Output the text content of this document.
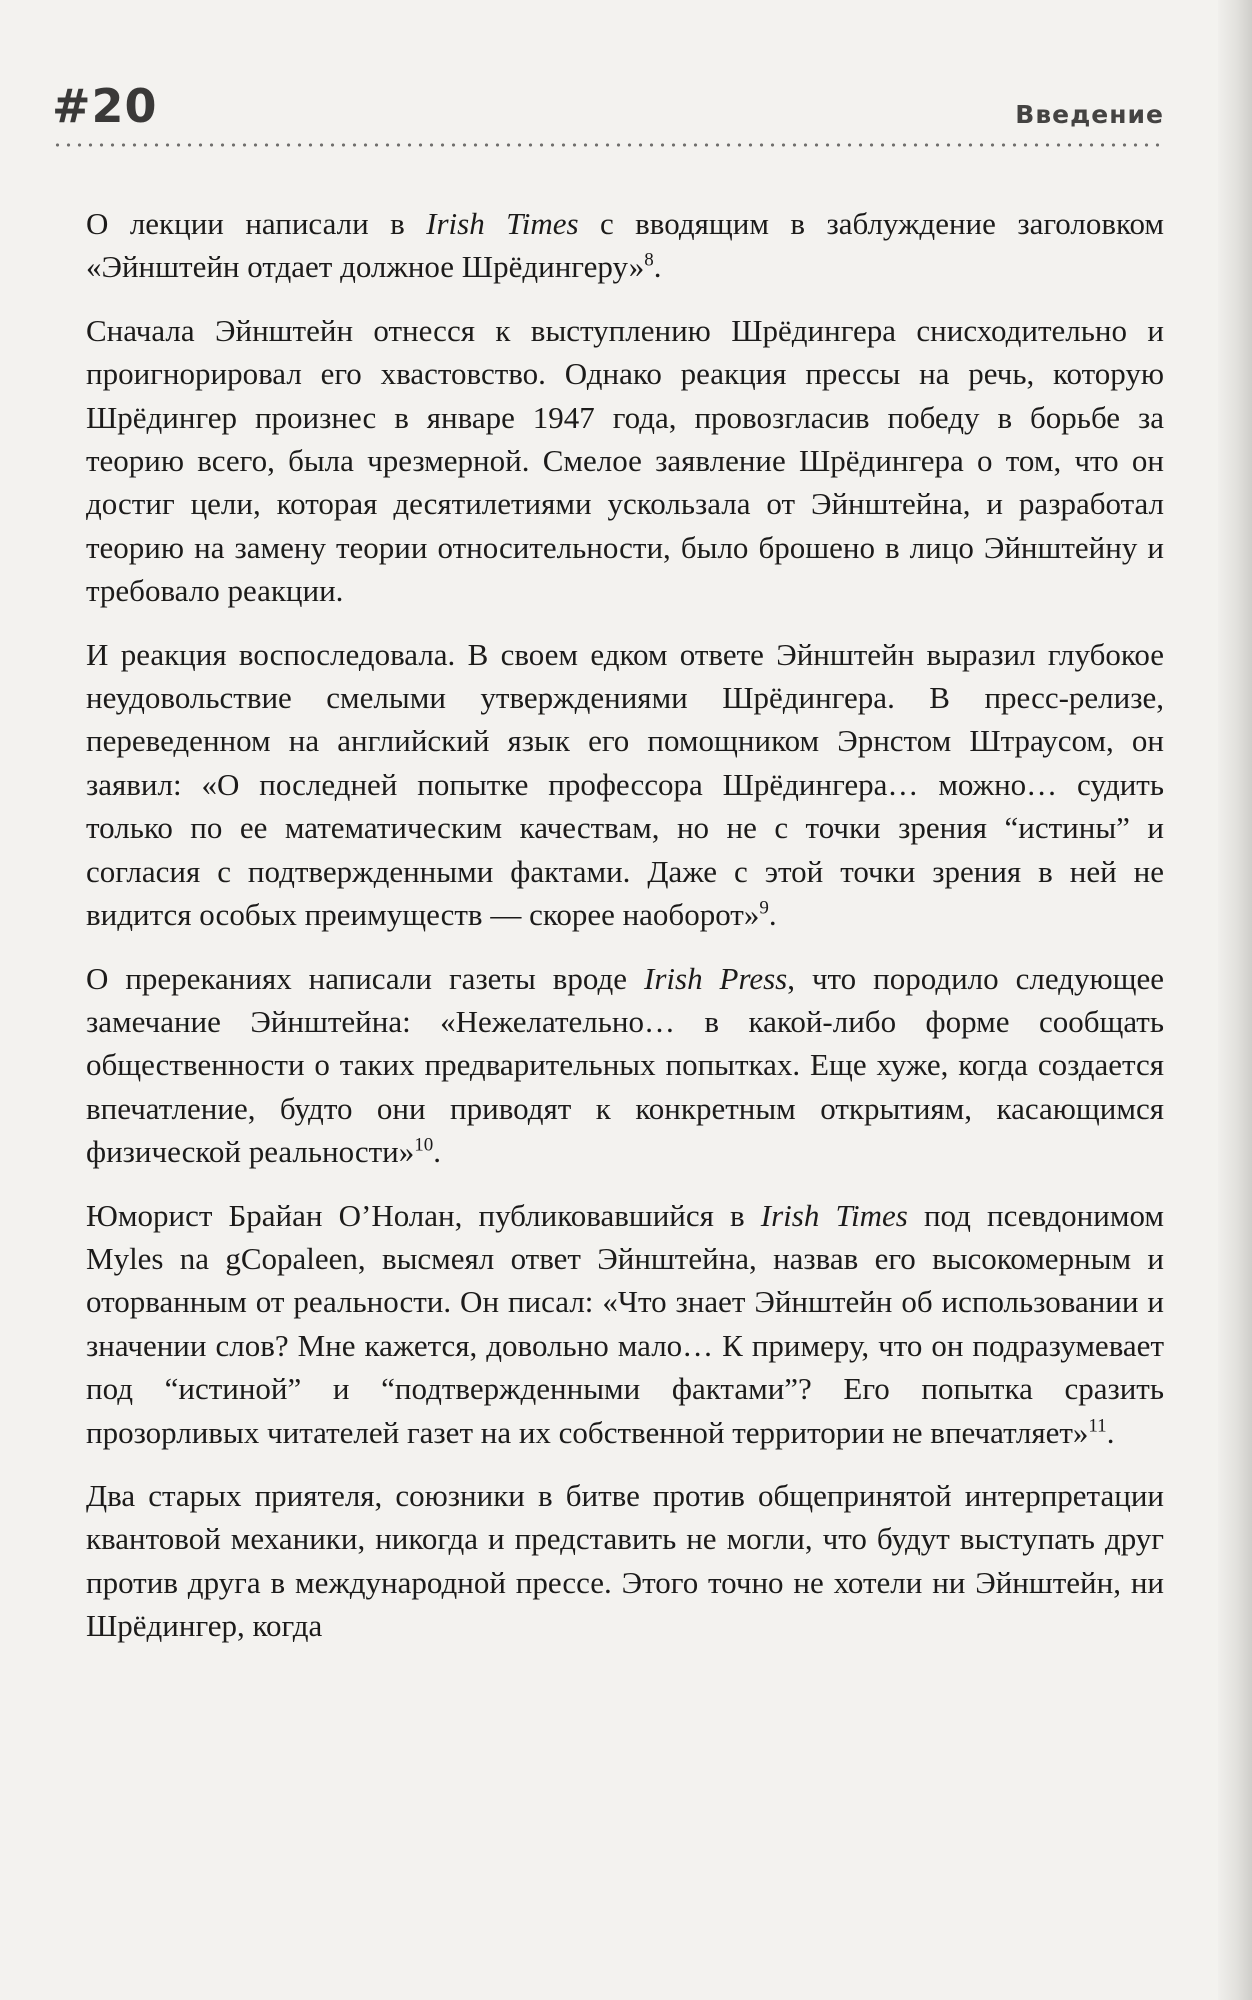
#20	Введение

О лекции написали в Irish Times с вводящим в заблуждение заголовком «Эйнштейн отдает должное Шрёдингеру»$^8$.

Сначала Эйнштейн отнесся к выступлению Шрёдингера снисходительно и проигнорировал его хвастовство. Однако реакция прессы на речь, которую Шрёдингер произнес в январе 1947 года, провозгласив победу в борьбе за теорию всего, была чрезмерной. Смелое заявление Шрёдингера о том, что он достиг цели, которая десятилетиями ускользала от Эйнштейна, и разработал теорию на замену теории относительности, было брошено в лицо Эйнштейну и требовало реакции.

И реакция воспоследовала. В своем едком ответе Эйнштейн выразил глубокое неудовольствие смелыми утверждениями Шрёдингера. В пресс-релизе, переведенном на английский язык его помощником Эрнстом Штраусом, он заявил: «О последней попытке профессора Шрёдингера… можно… судить только по ее математическим качествам, но не с точки зрения “истины” и согласия с подтвержденными фактами. Даже с этой точки зрения в ней не видится особых преимуществ — скорее наоборот»$^9$.

О пререканиях написали газеты вроде Irish Press, что породило следующее замечание Эйнштейна: «Нежелательно… в какой-либо форме сообщать общественности о таких предварительных попытках. Еще хуже, когда создается впечатление, будто они приводят к конкретным открытиям, касающимся физической реальности»$^{10}$.

Юморист Брайан О’Нолан, публиковавшийся в Irish Times под псевдонимом Myles na gCopaleen, высмеял ответ Эйнштейна, назвав его высокомерным и оторванным от реальности. Он писал: «Что знает Эйнштейн об использовании и значении слов? Мне кажется, довольно мало… К примеру, что он подразумевает под “истиной” и “подтвержденными фактами”? Его попытка сразить прозорливых читателей газет на их собственной территории не впечатляет»$^{11}$.

Два старых приятеля, союзники в битве против общепринятой интерпретации квантовой механики, никогда и представить не могли, что будут выступать друг против друга в международной прессе. Этого точно не хотели ни Эйнштейн, ни Шрёдингер, когда
